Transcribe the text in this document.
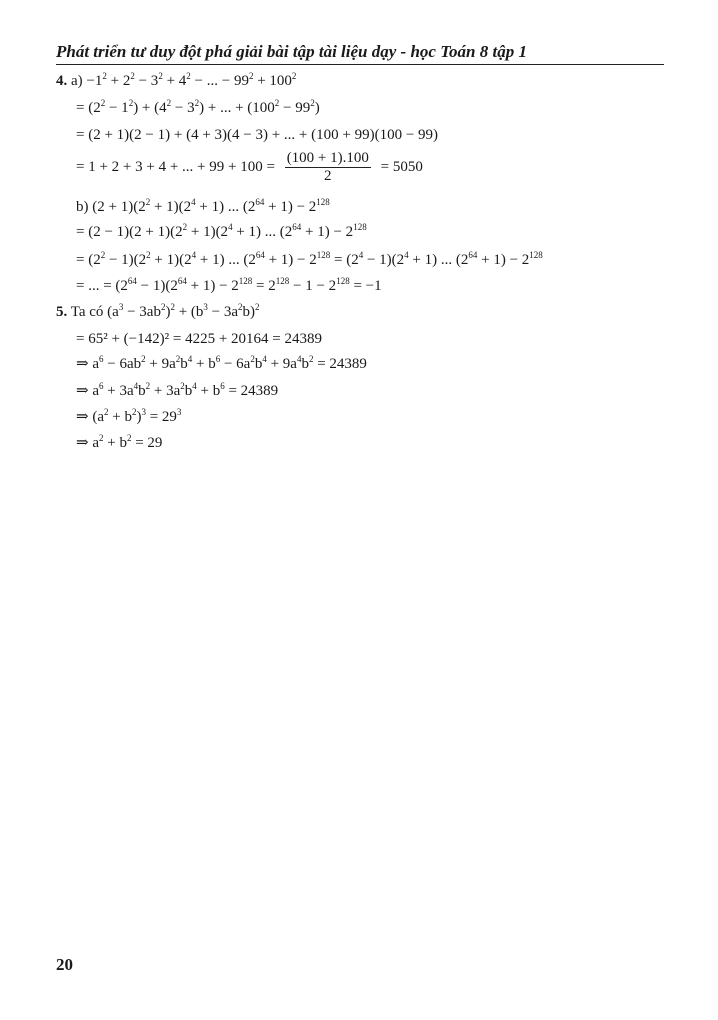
Phát triển tư duy đột phá giải bài tập tài liệu dạy - học Toán 8 tập 1
4. $a) -1^2 + 2^2 - 3^2 + 4^2$ − ... − $99^2 + 100^2$
= $(2^2 - 1^2) + (4^2 - 3^2)$ + ... + $(100^2 - 99^2)$
= (2 + 1)(2 − 1) + (4 + 3)(4 − 3) + ... + (100 + 99)(100 − 99)
= 1 + 2 + 3 + 4 + ... + $99 + 100 = \frac{(100 + 1).100}{2} = 5050$
b) $(2 + 1)(2^2 + 1)(2^4 + 1)$ ... $(2^{64} + 1) - 2^{128}$
= $(2 - 1)(2 + 1)(2^2 + 1)(2^4 + 1)$ ... $(2^{64} + 1) - 2^{128}$
= $(2^2 - 1)(2^2 + 1)(2^4 + 1)$ ... $(2^{64} + 1) - 2^{128} = (2^4 - 1)(2^4 + 1)$ ... $(2^{64} + 1) - 2^{128}$
= ... = $(2^{64} - 1)(2^{64} + 1) - 2^{128} = 2^{128} - 1 - 2^{128} = -1$
5. Ta có $(a^3 - 3ab^2)^2 + (b^3 - 3a^2b)^2$
= 65² + (−142)² = 4225 + 20164 = 24389
⇒ $a^6 - 6ab^2 + 9a^2b^4 + b^6 - 6a^2b^4 + 9a^4b^2 = 24389$
⇒ $a^6 + 3a^4b^2 + 3a^2b^4 + b^6 = 24389$
⇒ $(a^2 + b^2)^3 = 29^3$
⇒ $a^2 + b^2 = 29$
20
